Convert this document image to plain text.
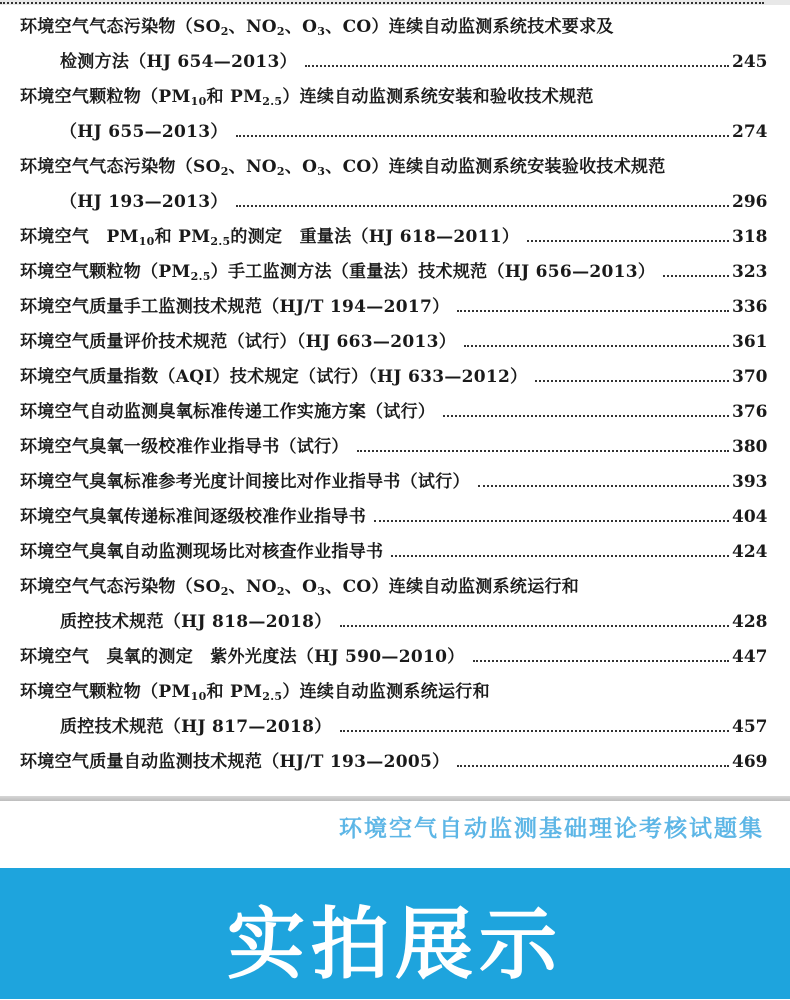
环境空气气态污染物（$SO_2$、$NO_2$、$O_3$、CO）连续自动监测系统技术要求及
检测方法（HJ 654—2013）	245
环境空气颗粒物（$PM_{10}$和 $PM_{2.5}$）连续自动监测系统安装和验收技术规范
（HJ 655—2013）	274
环境空气气态污染物（$SO_2$、$NO_2$、$O_3$、CO）连续自动监测系统安装验收技术规范
（HJ 193—2013）	296
环境空气　$PM_{10}$和 $PM_{2.5}$的测定　重量法（HJ 618—2011）	318
环境空气颗粒物$(PM_{2.5})$手工监测方法（重量法）技术规范（HJ 656—2013）	323
环境空气质量手工监测技术规范（HJ/T 194—2017）	336
环境空气质量评价技术规范（试行）（HJ 663—2013）	361
环境空气质量指数（AQI）技术规定（试行）（HJ 633—2012）	370
环境空气自动监测臭氧标准传递工作实施方案（试行）	376
环境空气臭氧一级校准作业指导书（试行）	380
环境空气臭氧标准参考光度计间接比对作业指导书（试行）	393
环境空气臭氧传递标准间逐级校准作业指导书	404
环境空气臭氧自动监测现场比对核查作业指导书	424
环境空气气态污染物（$SO_2$、$NO_2$、$O_3$、CO）连续自动监测系统运行和
质控技术规范（HJ 818—2018）	428
环境空气　臭氧的测定　紫外光度法（HJ 590—2010）	447
环境空气颗粒物（$PM_{10}$和 $PM_{2.5}$）连续自动监测系统运行和
质控技术规范（HJ 817—2018）	457
环境空气质量自动监测技术规范（HJ/T 193—2005）	469
环境空气自动监测基础理论考核试题集
实拍展示
